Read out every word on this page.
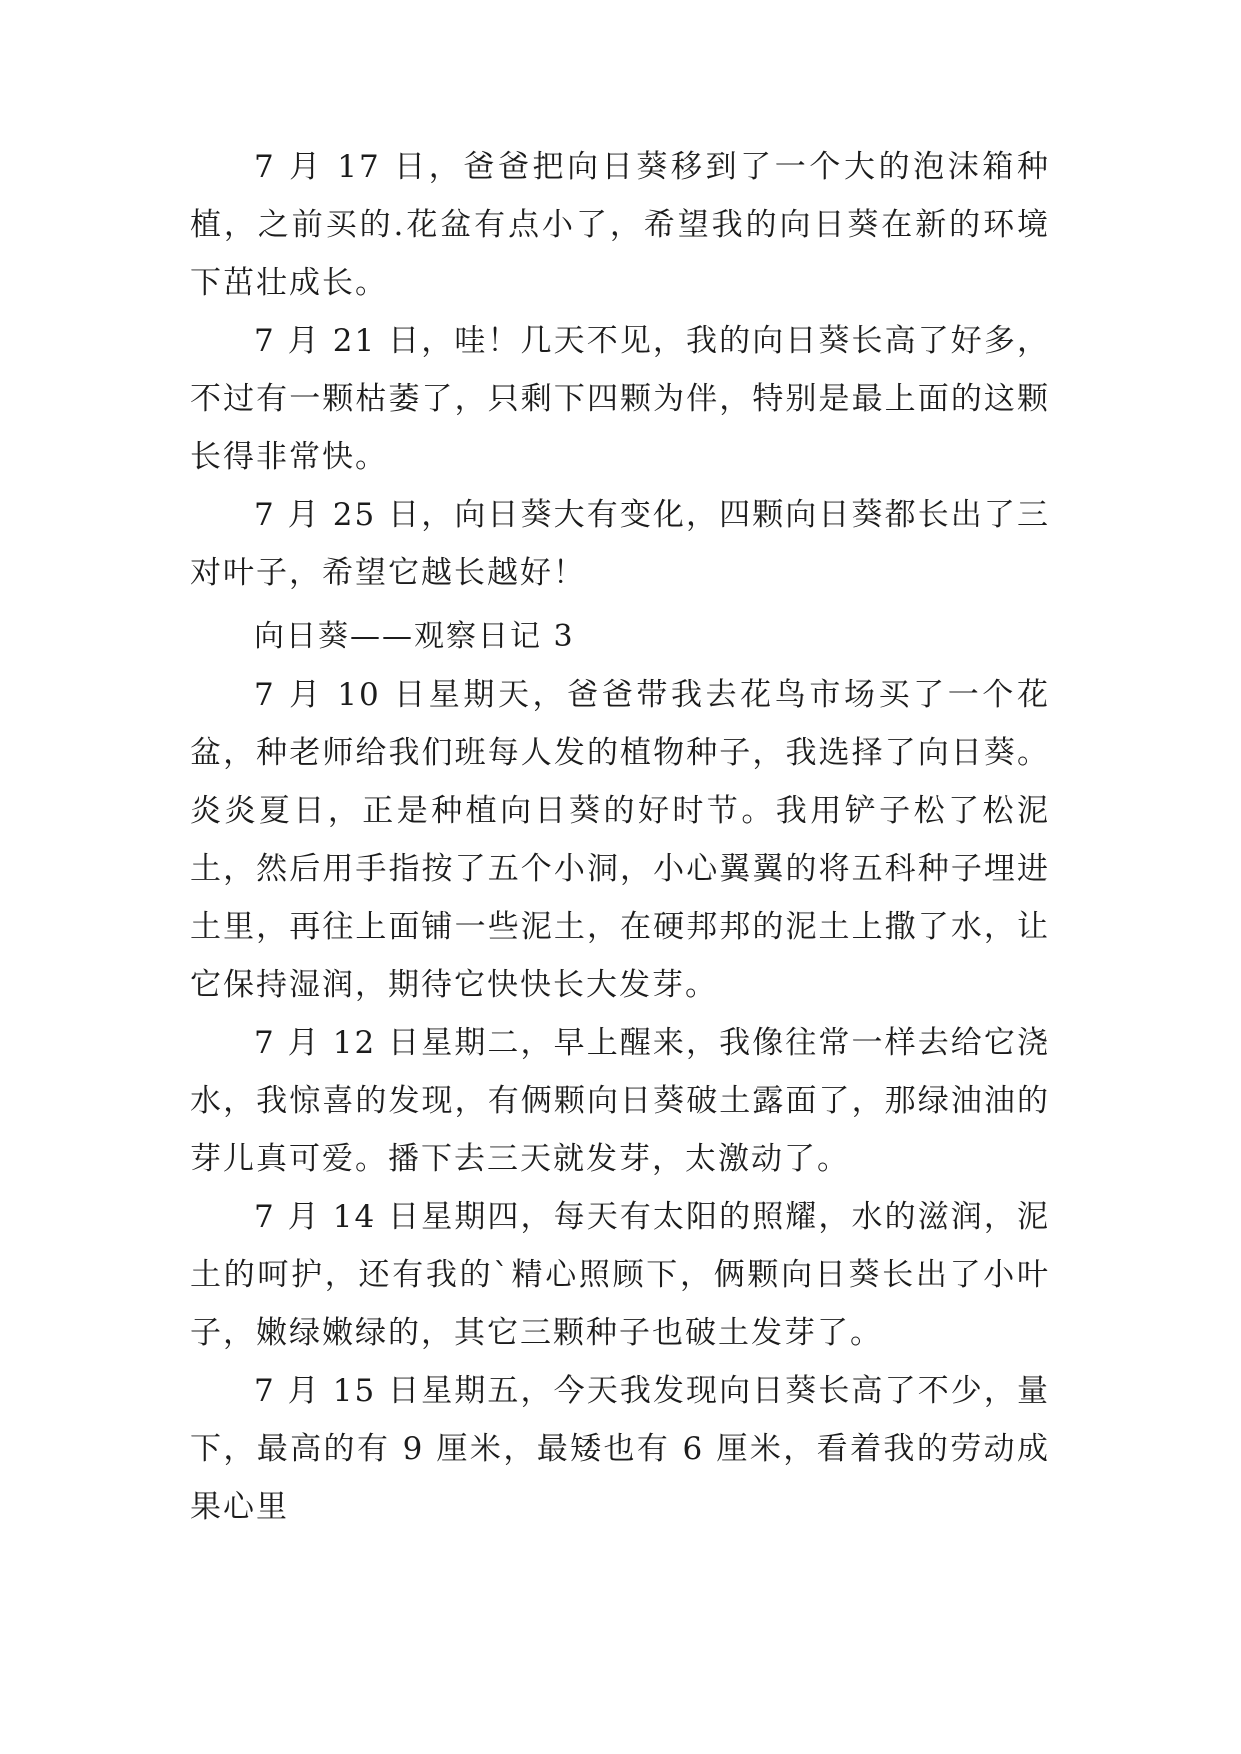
7 月 17 日，爸爸把向日葵移到了一个大的泡沫箱种植，之前买的.花盆有点小了，希望我的向日葵在新的环境下茁壮成长。

7 月 21 日，哇！几天不见，我的向日葵长高了好多，不过有一颗枯萎了，只剩下四颗为伴，特别是最上面的这颗长得非常快。

7 月 25 日，向日葵大有变化，四颗向日葵都长出了三对叶子，希望它越长越好！

向日葵——观察日记 3

7 月 10 日星期天，爸爸带我去花鸟市场买了一个花盆，种老师给我们班每人发的植物种子，我选择了向日葵。炎炎夏日，正是种植向日葵的好时节。我用铲子松了松泥土，然后用手指按了五个小洞，小心翼翼的将五科种子埋进土里，再往上面铺一些泥土，在硬邦邦的泥土上撒了水，让它保持湿润，期待它快快长大发芽。

7 月 12 日星期二，早上醒来，我像往常一样去给它浇水，我惊喜的发现，有俩颗向日葵破土露面了，那绿油油的芽儿真可爱。播下去三天就发芽，太激动了。

7 月 14 日星期四，每天有太阳的照耀，水的滋润，泥土的呵护，还有我的`精心照顾下，俩颗向日葵长出了小叶子，嫩绿嫩绿的，其它三颗种子也破土发芽了。

7 月 15 日星期五，今天我发现向日葵长高了不少，量下，最高的有 9 厘米，最矮也有 6 厘米，看着我的劳动成果心里
